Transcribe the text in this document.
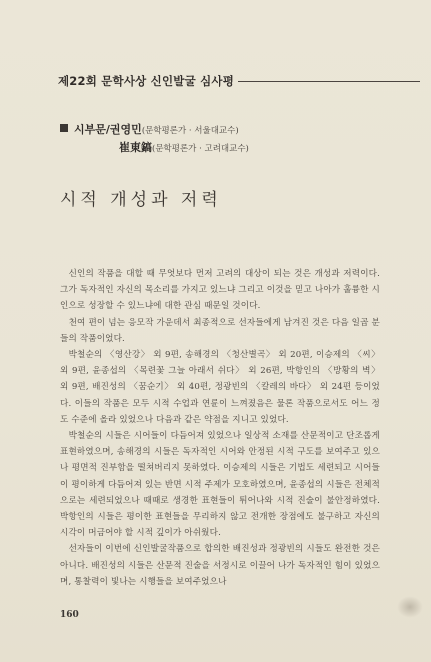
제22회 문학사상 신인발굴 심사평
시부문 / 권영민 (문학평론가 · 서울대교수)
崔東鎬 (문학평론가 · 고려대교수)
시적 개성과 저력

신인의 작품을 대할 때 무엇보다 먼저 고려의 대상이 되는 것은 개성과 저력이다. 그가 독자적인 자신의 목소리를 가지고 있느냐 그리고 이것을 믿고 나아가 훌륭한 시인으로 성장할 수 있느냐에 대한 관심 때문일 것이다.

천여 편이 넘는 응모작 가운데서 최종적으로 선자들에게 남겨진 것은 다음 일곱 분들의 작품이었다.

박철순의 〈영산강〉 외 9편, 송해경의 〈청산별곡〉 외 20편, 이승제의 〈씨〉 외 9편, 윤종섭의 〈목련꽃 그늘 아래서 쉬다〉 외 26편, 박항인의 〈방황의 벽〉 외 9편, 배진성의 〈꿈순기〉 외 40편, 정광빈의 〈칼레의 바다〉 외 24편 등이었다. 이들의 작품은 모두 시적 수업과 연륜이 느껴졌음은 물론 작품으로서도 어느 정도 수준에 올라 있었으나 다음과 같은 약점을 지니고 있었다.

박철순의 시들은 시어들이 다듬어져 있었으나 일상적 소재를 산문적이고 단조롭게 표현하였으며, 송해경의 시들은 독자적인 시어와 안정된 시적 구도를 보여주고 있으나 평면적 진부함을 떨쳐버리지 못하였다. 이승제의 시들은 기법도 세련되고 시어들이 평이하게 다듬어져 있는 반면 시적 주제가 모호하였으며, 윤종섭의 시들은 전체적으로는 세련되었으나 때때로 생경한 표현들이 튀어나와 시적 진술이 불안정하였다. 박항인의 시들은 평이한 표현들을 무리하지 않고 전개한 장점에도 불구하고 자신의 시각이 머금어야 할 시적 깊이가 아쉬웠다.

선자들이 이번에 신인발굴작품으로 합의한 배진성과 정광빈의 시들도 완전한 것은 아니다. 배진성의 시들은 산문적 진술을 서정시로 이끌어 나가 독자적인 힘이 있었으며, 통찰력이 빛나는 시행들을 보여주었으나

160
